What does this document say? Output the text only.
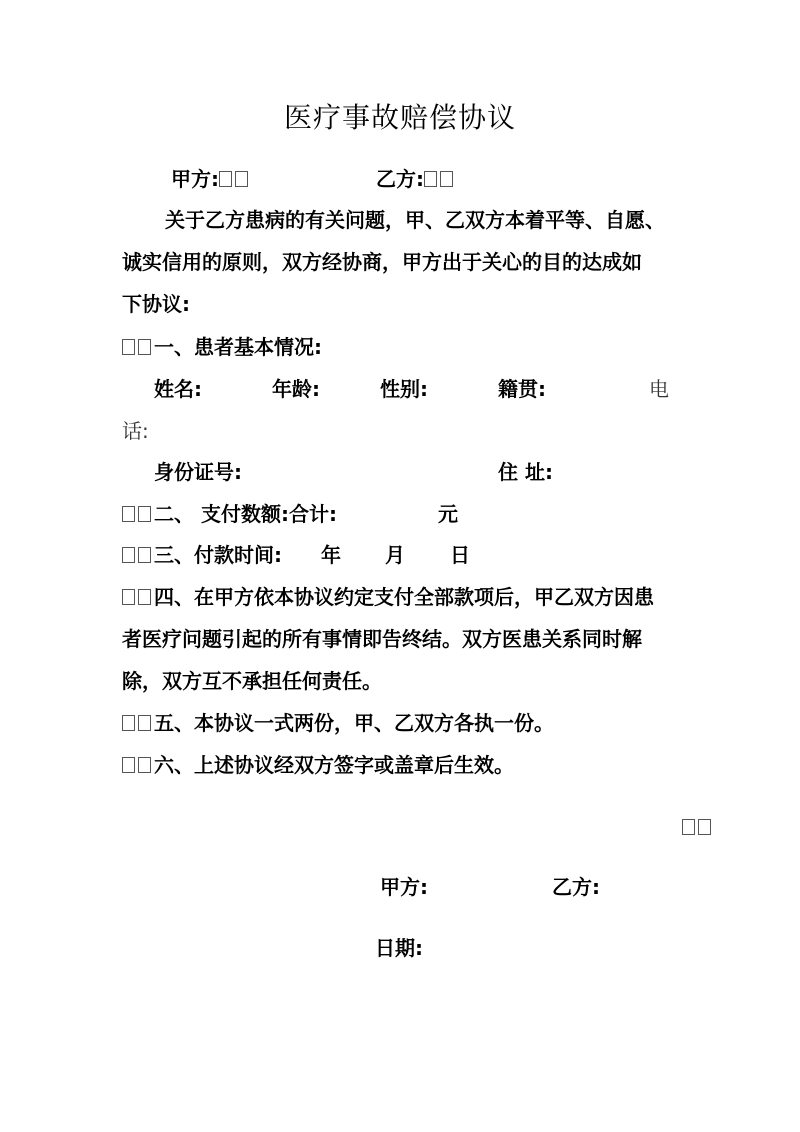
医疗事故赔偿协议
甲方:	乙方:
关于乙方患病的有关问题，甲、乙双方本着平等、自愿、
诚实信用的原则，双方经协商，甲方出于关心的目的达成如
下协议:
一、患者基本情况:
姓名:	年龄:	性别:	籍贯:	电
话:
身份证号:	住 址:
二、 支付数额:合计:	元
三、付款时间: 年 月 日
四、在甲方依本协议约定支付全部款项后，甲乙双方因患
者医疗问题引起的所有事情即告终结。双方医患关系同时解
除，双方互不承担任何责任。
五、本协议一式两份，甲、乙双方各执一份。
六、上述协议经双方签字或盖章后生效。
甲方:	乙方:
日期:
